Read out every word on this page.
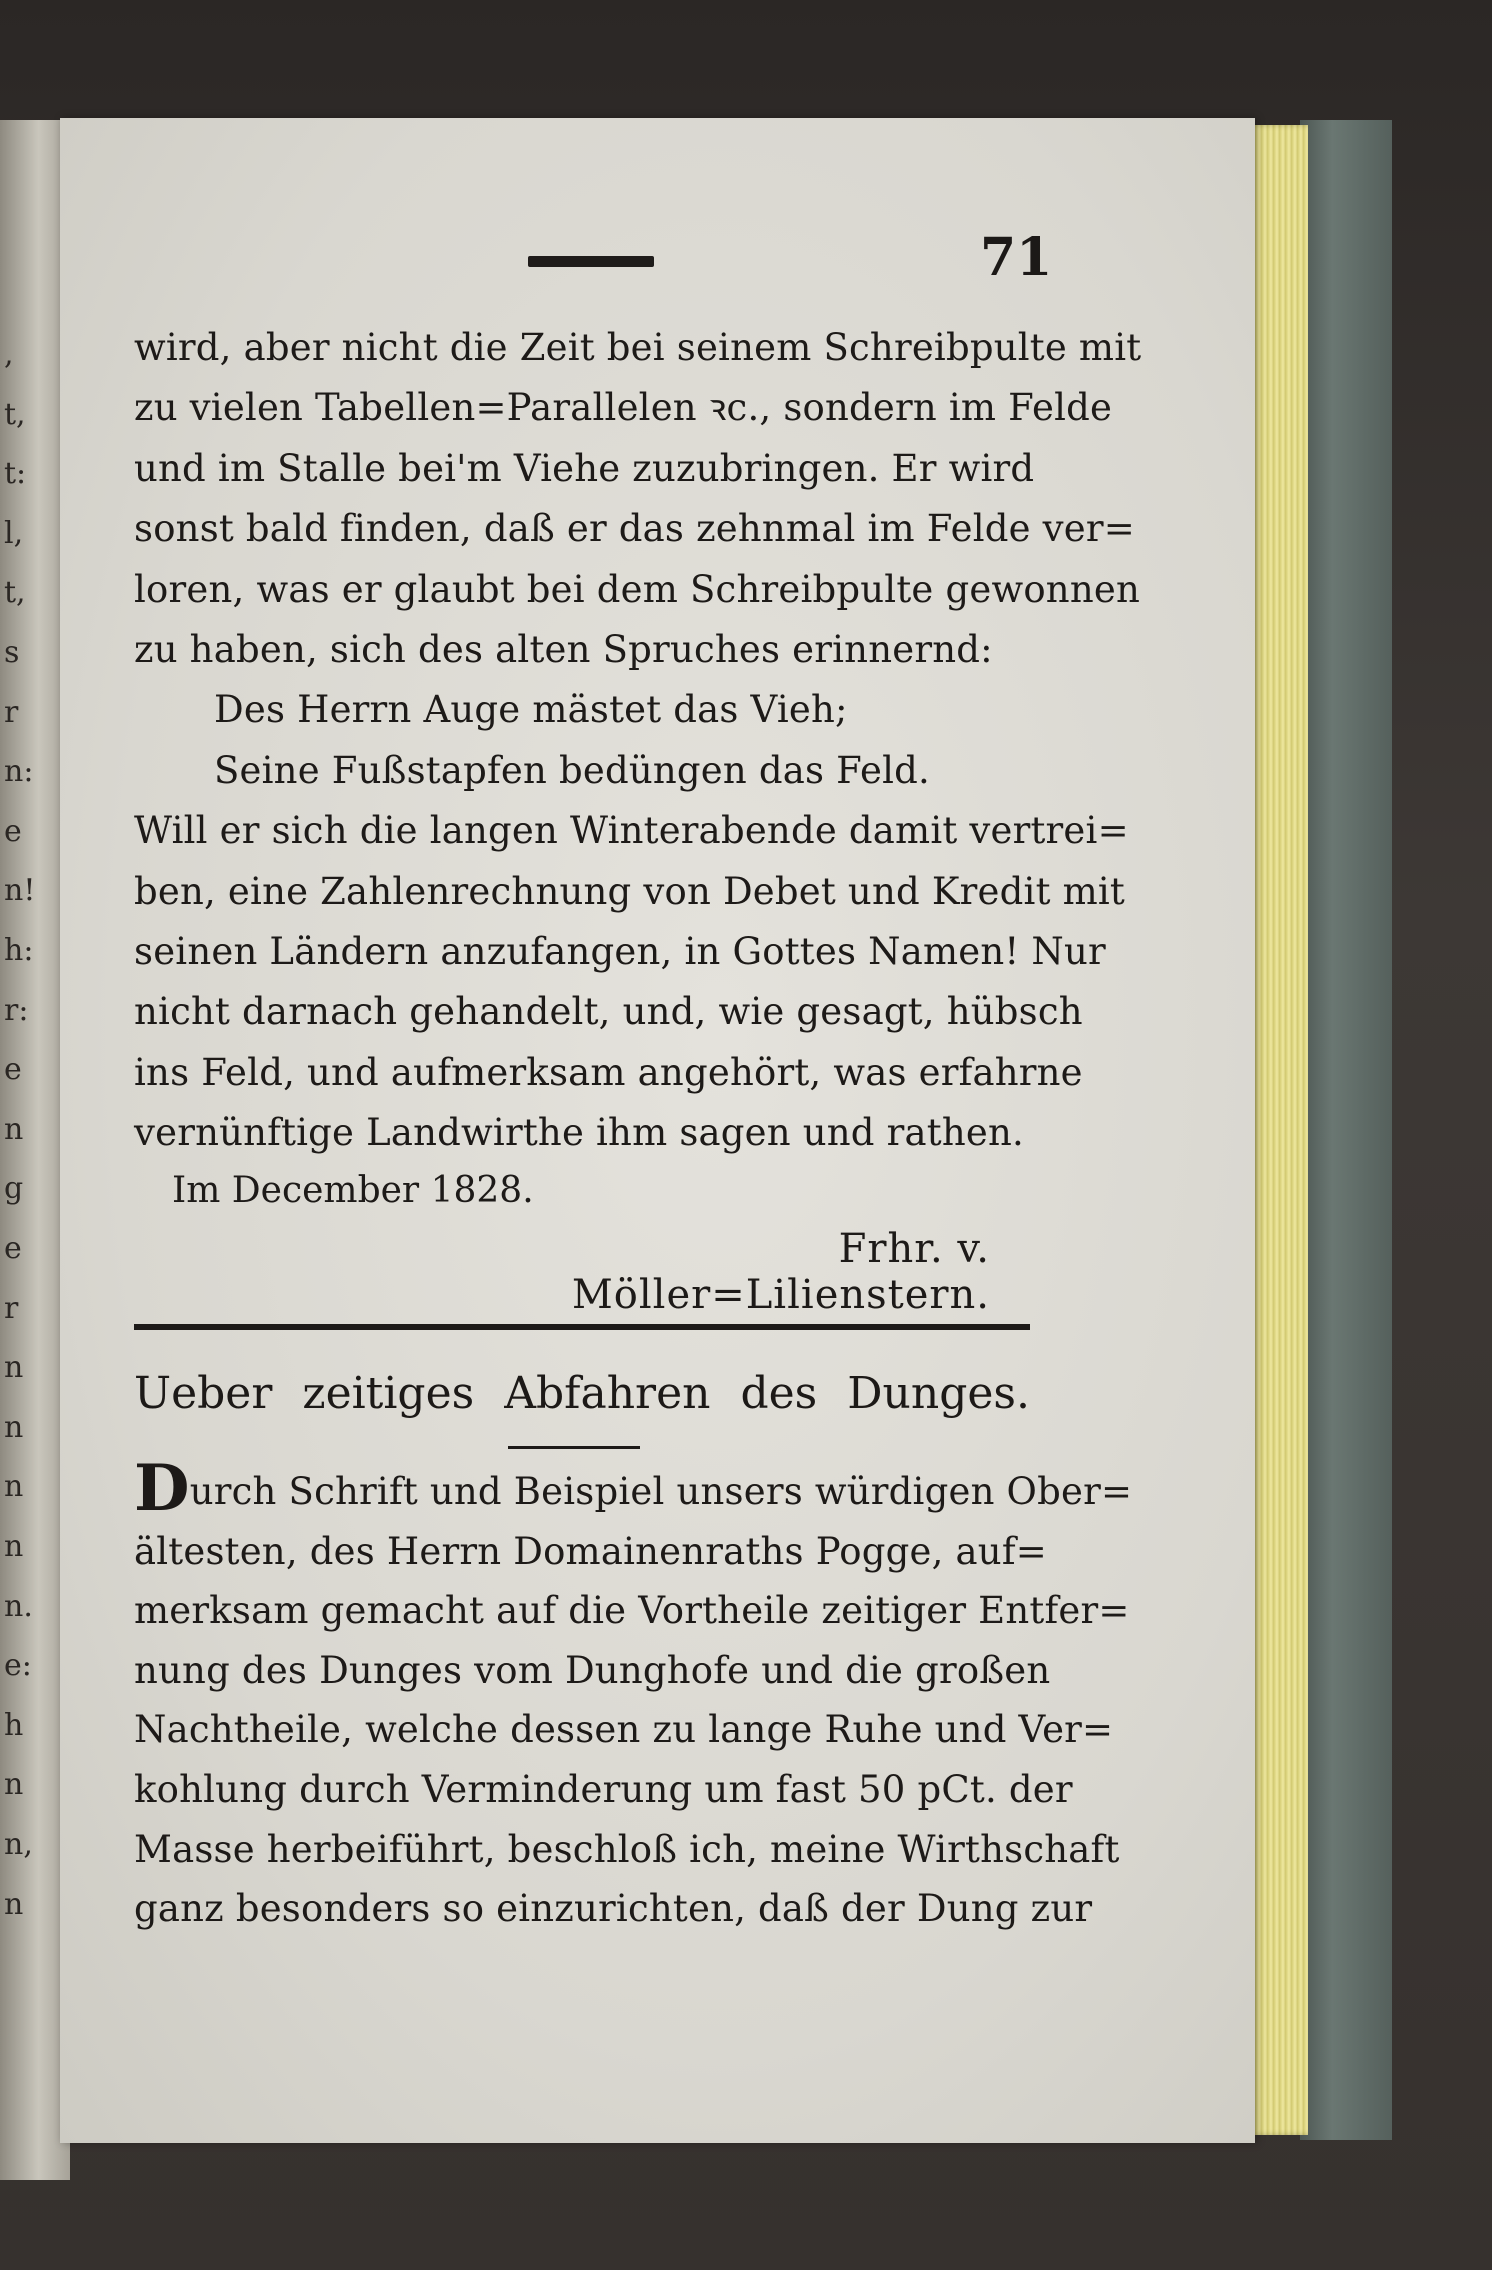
,
t,
t:
l,
t,
s
r
n:
e
n!
h:
r:
e
n
g
e
r
n
n
n
n
n.
e:
h
n
n,
n
71
wird, aber nicht die Zeit bei seinem Schreibpulte mit
zu vielen Tabellen=Parallelen ꝛc., sondern im Felde
und im Stalle bei'm Viehe zuzubringen. Er wird
sonst bald finden, daß er das zehnmal im Felde ver=
loren, was er glaubt bei dem Schreibpulte gewonnen
zu haben, sich des alten Spruches erinnernd:
Des Herrn Auge mästet das Vieh;
Seine Fußstapfen bedüngen das Feld.
Will er sich die langen Winterabende damit vertrei=
ben, eine Zahlenrechnung von Debet und Kredit mit
seinen Ländern anzufangen, in Gottes Namen! Nur
nicht darnach gehandelt, und, wie gesagt, hübsch
ins Feld, und aufmerksam angehört, was erfahrne
vernünftige Landwirthe ihm sagen und rathen.
Im December 1828.
Frhr. v. Möller=Lilienstern.
Ueber zeitiges Abfahren des Dunges.
Durch Schrift und Beispiel unsers würdigen Ober=
ältesten, des Herrn Domainenraths Pogge, auf=
merksam gemacht auf die Vortheile zeitiger Entfer=
nung des Dunges vom Dunghofe und die großen
Nachtheile, welche dessen zu lange Ruhe und Ver=
kohlung durch Verminderung um fast 50 pCt. der
Masse herbeiführt, beschloß ich, meine Wirthschaft
ganz besonders so einzurichten, daß der Dung zur
